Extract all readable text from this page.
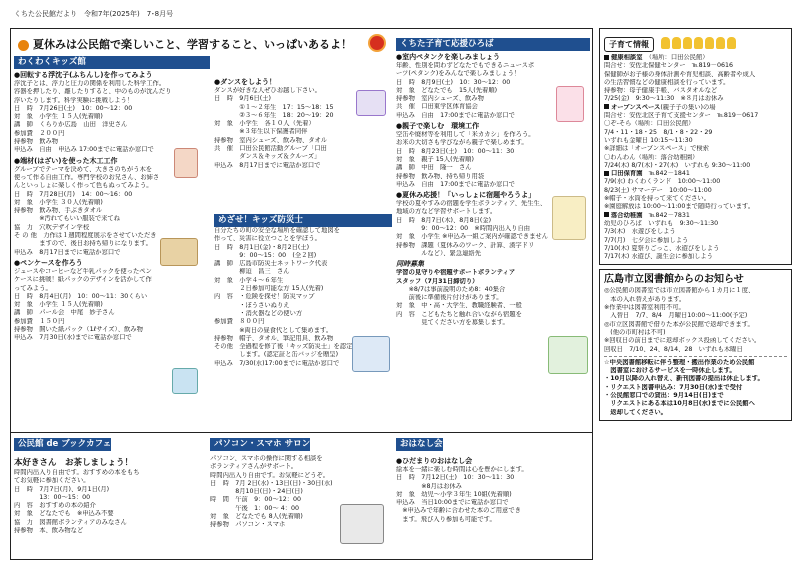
くちた公民館だより　令和7年(2025年)　7･8月号
夏休みは公民館で楽しいこと、学習すること、いっぱいあるよ！
わくわくキッズ館
●回転する浮沈子(ふちんし)を作ってみよう
浮沈子とは、浮力と圧力の関係を利用した科学工作。
容器を押したり、離したりすると、中のものが沈んだり
浮いたりします。科学実験に挑戦しよう！
日　時　7月26日(土)　10：00～12：00
対　象　小学生 １５人(先着順)
講　師　くらりか広島　山田　洋史さん
参加費　２００円
持参物　飲み物
申込み　自由　申込み 17:00までに電話か窓口で
●端材(はざい)を使った木工工作
グループでテーマを決めて、大きさのちがう木を
使って作る自由工作。専門学校のお兄さん、お姉さ
んといっしょに楽しく作って色もぬってみよう。
日　時　7月28日(月)　14：00～16：00
対　象　小学生 ３０人(先着順)
持参物　飲み物、手ぶきタオル
　　　　※汚れてもいい服装で来てね
協　力　穴吹デザイン学校
そ の 他　力作は１週間程度展示をさせていただき
　　　　ますので、後日お持ち帰りになります。
申込み　8月17日までに電話か窓口で
●ペンケースを作ろう
ジュースやコーヒーなど牛乳パックを使ったペン
ケースに挑戦！紙パックのデザインを活かして作
ってみよう。
日　時　8月4日(月)　10：00～11：30くらい
対　象　小学生 １５人(先着順)
講　師　パール会　中尾　妙子さん
参加費　１５０円
持参物　開いた紙パック（1ℓサイズ）、飲み物
申込み　7月30日(水)までに電話か窓口で
●ダンスをしよう！
ダンスが好きな人ぜひお越し下さい。
日　時　9月6日(土)
　　　　①１～２年生　17：15～18：15
　　　　②３～６年生　18：20～19：20
対　象　小学生　各１０人（先着）
　　　　※３年生以下保護者同伴
持参物　室内シューズ、飲み物、タオル
共　催　口田公民館活動グループ「口田
　　　　ダンス＆キッズ＆クルーズ」
申込み　8月17日までに電話か窓口で
めざせ！キッズ防災士
自分たちの町の安全な場所を確認して地図を
作って、災害に役立つことを学ぼう。
日　時　8月1日(金)・8月2日(土)
　　　　9：00～15：00　(全２回)
講　師　広島市防災士ネットワーク代表
　　　　柳迫　昌三　さん
対　象　小学４～６年生
　　　　２日参加可能な方 15人(先着)
内　容　・危険を探せ！防災マップ
　　　　・ぼうさいぬりえ
　　　　・消火器などの使い方
参加費　８００円
　　　　※両日の昼食代として集めます。
持参物　帽子、タオル、筆記用具、飲み物
その他　全過程を修了後「キッズ防災士」を認定
　　　　します。(認定証と缶バッジを贈呈)
申込み　7/30(水)17:00までに電話か窓口で
くちた子育て応援ひろば
●室内ペタンクを楽しみましょう
年齢、性別を問わずどなたでもできるニュースポ
ーツ(ペタンク)をみんなで楽しみましょう！
日　時　8月9日(土)　10：30～12：00
対　象　どなたでも　15人(先着順)
持参物　室内シューズ、飲み物
共　催　口田東学区体育協会
申込み　自由　17:00までに電話か窓口で
●親子で楽しむ　環境工作
空缶や廃材等を利用して「米カカシ」を作ろう。
お米の大切さも学びながら親子で楽しめます。
日　時　8月23日(土)　10：00～11：30
対　象　親子 15人(先着順)
講　師　中田　隆一　さん
持参物　飲み物、持ち帰り用袋
申込み　自由　17:00までに電話か窓口で
●夏休み応援！「いっしょに宿題やろうよ」
学校の夏やすみの宿題を学生ボランティア、先生生、
地域の方など学習サポートします。
日　時　8月7日(木)、8月8日(金)
　　　　9：00～12：00　※時間内出入り自由
対　象　小学生 ※申込み一組ご案内が確認できません
持参物　課題（夏休みのワーク、計算、漢字ドリ
　　　　ルなど）、緊急連絡先
同時募集
学習の見守りや宿題サポートボランティア
スタッフ（7月31日締切り）
　　※8/7は事前説明のため8：40集合
　　前後に準備後片付けがあります。
対　象　中・高・大学生、教職経験者、一般
内　容　こどもたちと触れ合いながら宿題を
　　　　見てください方を募集します。
公民館 de ブックカフェ
本好きさん　お茶しましょう！
時間内出入り自由です。おすすめの本をもち
てお気軽に参加ください。
日　時　7月7日(月)、9月1日(月)
　　　　13：00～15：00
内　容　おすすめの本の紹介
対　象　どなたでも　※申込み不要
協　力　図書館ボランティアのみなさん
持参物　本、飲み物など
パソコン・スマホ サロン
パソコン、スマホの操作に関する相談を
ボランティアさんがサポート。
時間内出入り自由です。お気軽にどうぞ。
日　時　7月 2日(水)・13日(日)・30日(水)
　　　　8月10日(日)・24日(日)
時　間　午前　9：00～12：00
　　　　午後　1：00～ 4：00
対　象　どなたでも 8人(先着順)
持参物　パソコン・スマホ
おはなし会
●ひだまりのおはなし会
絵本を一緒に楽しむ時間は心を豊かにします。
日　時　7月12日(土)　10：30～11：30
　　　　※8月はお休み
対　象　幼児～小学３年生 10組(先着順)
申込み　当日10:00までに電話か窓口で
　※申込みで年齢に合わせた本のご用意でき
　ます。飛び入り参加も可能です。
子育て情報
健康相談室　 （場所：口田公民館）
問合せ：安佐北保健センター　℡819－0616
保健師がお子様の身体計測や育児相談、高齢者や成人
の生活習慣などの健康相談を行っています。
持参物：母子健康手帳、バスタオルなど
7/25(金)　9:30～11:30　※８月はお休み
オープンスペース(親子子の集い)の場
問合せ：安佐北区子育て支援センター　℡819－0617
〇ぞ-そら（場所：口田公民館）
7/4・11・18・25　8/1・8・22・29
いずれも金曜日 10:15～11:30
※詳細は「オープンスペース」で検索
〇わんわん（場所：落合幼稚園）
7/24(木) 8/7(木)・27(木)　いずれも 9:30～11:00
口田保育園　 ℡842－1841
7/9(水) わくわくランド　10:00～11:00
8/23(土) サマーデー　10:00～11:00
※帽子・水筒を持って来てください。
※園庭解放は 10:00～11:00まで随時行っています。
落合幼稚園　 ℡842－7831
幼児のひろば　いずれも　9:30～11:30
7/3(木)　水遊びをしよう
7/7(月)　七夕会に参加しよう
7/10(木) 夏祭りごっこ、水遊びをしよう
7/17(木) 水遊び、誕生会に参加しよう
広島市立図書館からのお知らせ
◎公民館の図書室では市立図書館から１カ月に１度、
　本の入れ替えがあります。
※作業中は図書室利用不可。
　入替日　7/7、8/4　月曜日10:00～11:00(予定)
◎市立区図書館で借りた本が公民館で返却できます。
　(他の市町村は不可)
※回収日の前日までに返却ボックス投函してください。
回収日　7/10、24、8/14、28　いずれも木曜日
☆中央図書館移転に伴う整理・搬出作業のため公民館
　図書室におけるサービスを一時休止します。
・10月以降の入れ替え、新刊図書の提出は休止します。
・リクエスト図書申込み：7月30日(水)まで受付
・公民館窓口での貸出：9月14日(日)まで
　リクエストにある本は10月8日(水)までに公民館へ
　返却してください。
